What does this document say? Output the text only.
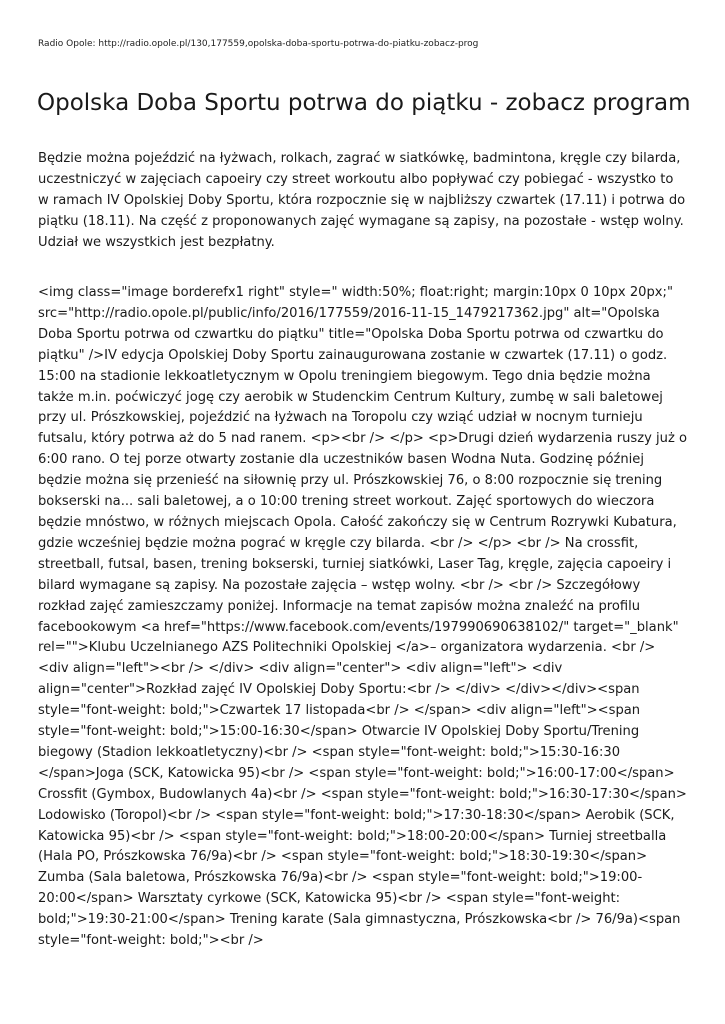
Radio Opole: http://radio.opole.pl/130,177559,opolska-doba-sportu-potrwa-do-piatku-zobacz-prog
Opolska Doba Sportu potrwa do piątku - zobacz program
Będzie można pojeździć na łyżwach, rolkach, zagrać w siatkówkę, badmintona, kręgle czy bilarda, uczestniczyć w zajęciach capoeiry czy street workoutu albo popływać czy pobiegać - wszystko to w ramach IV Opolskiej Doby Sportu, która rozpocznie się w najbliższy czwartek (17.11) i potrwa do piątku (18.11). Na część z proponowanych zajęć wymagane są zapisy, na pozostałe - wstęp wolny. Udział we wszystkich jest bezpłatny.
<img class="image borderefx1 right" style=" width:50%; float:right; margin:10px 0 10px 20px;" src="http://radio.opole.pl/public/info/2016/177559/2016-11-15_1479217362.jpg" alt="Opolska Doba Sportu potrwa od czwartku do piątku" title="Opolska Doba Sportu potrwa od czwartku do piątku" />IV edycja Opolskiej Doby Sportu zainaugurowana zostanie w czwartek (17.11) o godz. 15:00 na stadionie lekkoatletycznym w Opolu treningiem biegowym. Tego dnia będzie można także m.in. poćwiczyć jogę czy aerobik w Studenckim Centrum Kultury, zumbę w sali baletowej przy ul. Prószkowskiej, pojeździć na łyżwach na Toropolu czy wziąć udział w nocnym turnieju futsalu, który potrwa aż do 5 nad ranem. <p><br /> </p> <p>Drugi dzień wydarzenia ruszy już o 6:00 rano. O tej porze otwarty zostanie dla uczestników basen Wodna Nuta. Godzinę później będzie można się przenieść na siłownię przy ul. Prószkowskiej 76, o 8:00 rozpocznie się trening bokserski na... sali baletowej, a o 10:00 trening street workout. Zajęć sportowych do wieczora będzie mnóstwo, w różnych miejscach Opola. Całość zakończy się w Centrum Rozrywki Kubatura, gdzie wcześniej będzie można pograć w kręgle czy bilarda. <br /> </p> <br /> Na crossfit, streetball, futsal, basen, trening bokserski, turniej siatkówki, Laser Tag, kręgle, zajęcia capoeiry i bilard wymagane są zapisy. Na pozostałe zajęcia – wstęp wolny. <br /> <br /> Szczegółowy rozkład zajęć zamieszczamy poniżej. Informacje na temat zapisów można znaleźć na profilu facebookowym <a href="https://www.facebook.com/events/197990690638102/" target="_blank" rel="">Klubu Uczelnianego AZS Politechniki Opolskiej </a>– organizatora wydarzenia. <br /> <div align="left"><br /> </div> <div align="center"> <div align="left"> <div align="center">Rozkład zajęć IV Opolskiej Doby Sportu:<br /> </div> </div></div><span style="font-weight: bold;">Czwartek 17 listopada<br /> </span> <div align="left"><span style="font-weight: bold;">15:00-16:30</span> Otwarcie IV Opolskiej Doby Sportu/Trening biegowy (Stadion lekkoatletyczny)<br /> <span style="font-weight: bold;">15:30-16:30 </span>Joga (SCK, Katowicka 95)<br /> <span style="font-weight: bold;">16:00-17:00</span> Crossfit (Gymbox, Budowlanych 4a)<br /> <span style="font-weight: bold;">16:30-17:30</span> Lodowisko (Toropol)<br /> <span style="font-weight: bold;">17:30-18:30</span> Aerobik (SCK, Katowicka 95)<br /> <span style="font-weight: bold;">18:00-20:00</span> Turniej streetballa (Hala PO, Prószkowska 76/9a)<br /> <span style="font-weight: bold;">18:30-19:30</span> Zumba (Sala baletowa, Prószkowska 76/9a)<br /> <span style="font-weight: bold;">19:00-20:00</span> Warsztaty cyrkowe (SCK, Katowicka 95)<br /> <span style="font-weight: bold;">19:30-21:00</span> Trening karate (Sala gimnastyczna, Prószkowska<br /> 76/9a)<span style="font-weight: bold;"><br />
